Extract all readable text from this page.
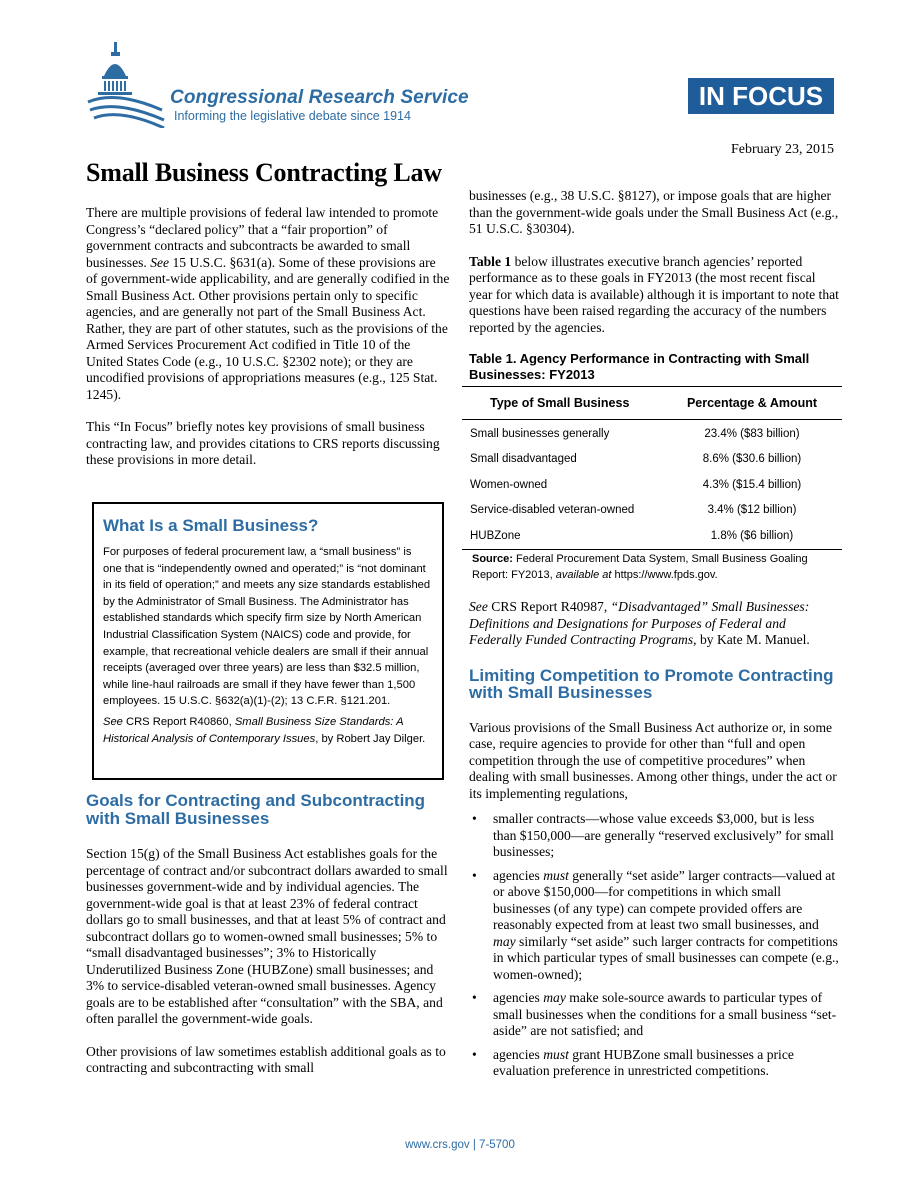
Congressional Research Service
Informing the legislative debate since 1914
IN FOCUS
February 23, 2015
Small Business Contracting Law

There are multiple provisions of federal law intended to promote Congress’s “declared policy” that a “fair proportion” of government contracts and subcontracts be awarded to small businesses. See 15 U.S.C. §631(a). Some of these provisions are of government-wide applicability, and are generally codified in the Small Business Act. Other provisions pertain only to specific agencies, and are generally not part of the Small Business Act. Rather, they are part of other statutes, such as the provisions of the Armed Services Procurement Act codified in Title 10 of the United States Code (e.g., 10 U.S.C. §2302 note); or they are uncodified provisions of appropriations measures (e.g., 125 Stat. 1245).

This “In Focus” briefly notes key provisions of small business contracting law, and provides citations to CRS reports discussing these provisions in more detail.

What Is a Small Business?
For purposes of federal procurement law, a “small business” is one that is “independently owned and operated;” is “not dominant in its field of operation;” and meets any size standards established by the Administrator of Small Business. The Administrator has established standards which specify firm size by North American Industrial Classification System (NAICS) code and provide, for example, that recreational vehicle dealers are small if their annual receipts (averaged over three years) are less than $32.5 million, while line-haul railroads are small if they have fewer than 1,500 employees. 15 U.S.C. §632(a)(1)-(2); 13 C.F.R. §121.201.
See CRS Report R40860, Small Business Size Standards: A Historical Analysis of Contemporary Issues, by Robert Jay Dilger.
Goals for Contracting and Subcontracting with Small Businesses

Section 15(g) of the Small Business Act establishes goals for the percentage of contract and/or subcontract dollars awarded to small businesses government-wide and by individual agencies. The government-wide goal is that at least 23% of federal contract dollars go to small businesses, and that at least 5% of contract and subcontract dollars go to women-owned small businesses; 5% to “small disadvantaged businesses”; 3% to Historically Underutilized Business Zone (HUBZone) small businesses; and 3% to service-disabled veteran-owned small businesses. Agency goals are to be established after “consultation” with the SBA, and often parallel the government-wide goals.

Other provisions of law sometimes establish additional goals as to contracting and subcontracting with small

businesses (e.g., 38 U.S.C. §8127), or impose goals that are higher than the government-wide goals under the Small Business Act (e.g., 51 U.S.C. §30304).

Table 1 below illustrates executive branch agencies’ reported performance as to these goals in FY2013 (the most recent fiscal year for which data is available) although it is important to note that questions have been raised regarding the accuracy of the numbers reported by the agencies.

Table 1. Agency Performance in Contracting with Small Businesses: FY2013
Type of Small Business	Percentage & Amount
Small businesses generally	23.4% ($83 billion)
Small disadvantaged	8.6% ($30.6 billion)
Women-owned	4.3% ($15.4 billion)
Service-disabled veteran-owned	3.4% ($12 billion)
HUBZone	1.8% ($6 billion)
Source: Federal Procurement Data System, Small Business Goaling Report: FY2013, available at https://www.fpds.gov.

See CRS Report R40987, “Disadvantaged” Small Businesses: Definitions and Designations for Purposes of Federal and Federally Funded Contracting Programs, by Kate M. Manuel.

Limiting Competition to Promote Contracting with Small Businesses

Various provisions of the Small Business Act authorize or, in some case, require agencies to provide for other than “full and open competition through the use of competitive procedures” when dealing with small businesses. Among other things, under the act or its implementing regulations,

• smaller contracts—whose value exceeds $3,000, but is less than $150,000—are generally “reserved exclusively” for small businesses;
• agencies must generally “set aside” larger contracts—valued at or above $150,000—for competitions in which small businesses (of any type) can compete provided offers are reasonably expected from at least two small businesses, and may similarly “set aside” such larger contracts for competitions in which particular types of small businesses can compete (e.g., women-owned);
• agencies may make sole-source awards to particular types of small businesses when the conditions for a small business “set-aside” are not satisfied; and
• agencies must grant HUBZone small businesses a price evaluation preference in unrestricted competitions.
www.crs.gov | 7-5700
